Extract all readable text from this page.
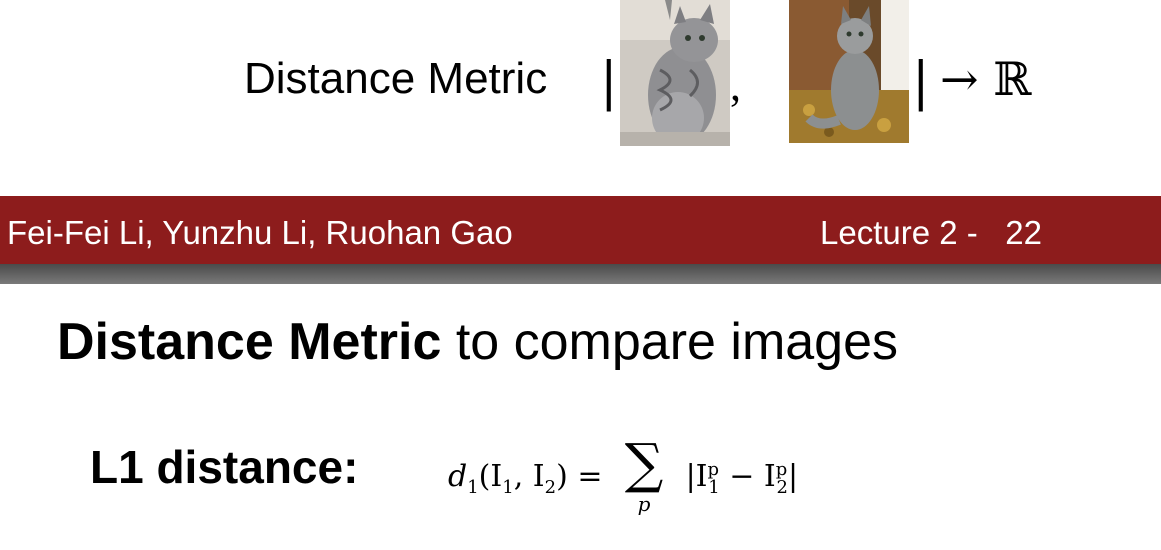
Distance Metric |	,	| → ℝ
Fei-Fei Li, Yunzhu Li, Ruohan Gao	Lecture 2 -   22
Distance Metric to compare images
L1 distance:	$d_1(I_1$, $I_2$) = ∑
p
$|I^p_1 - I^p_2|$
